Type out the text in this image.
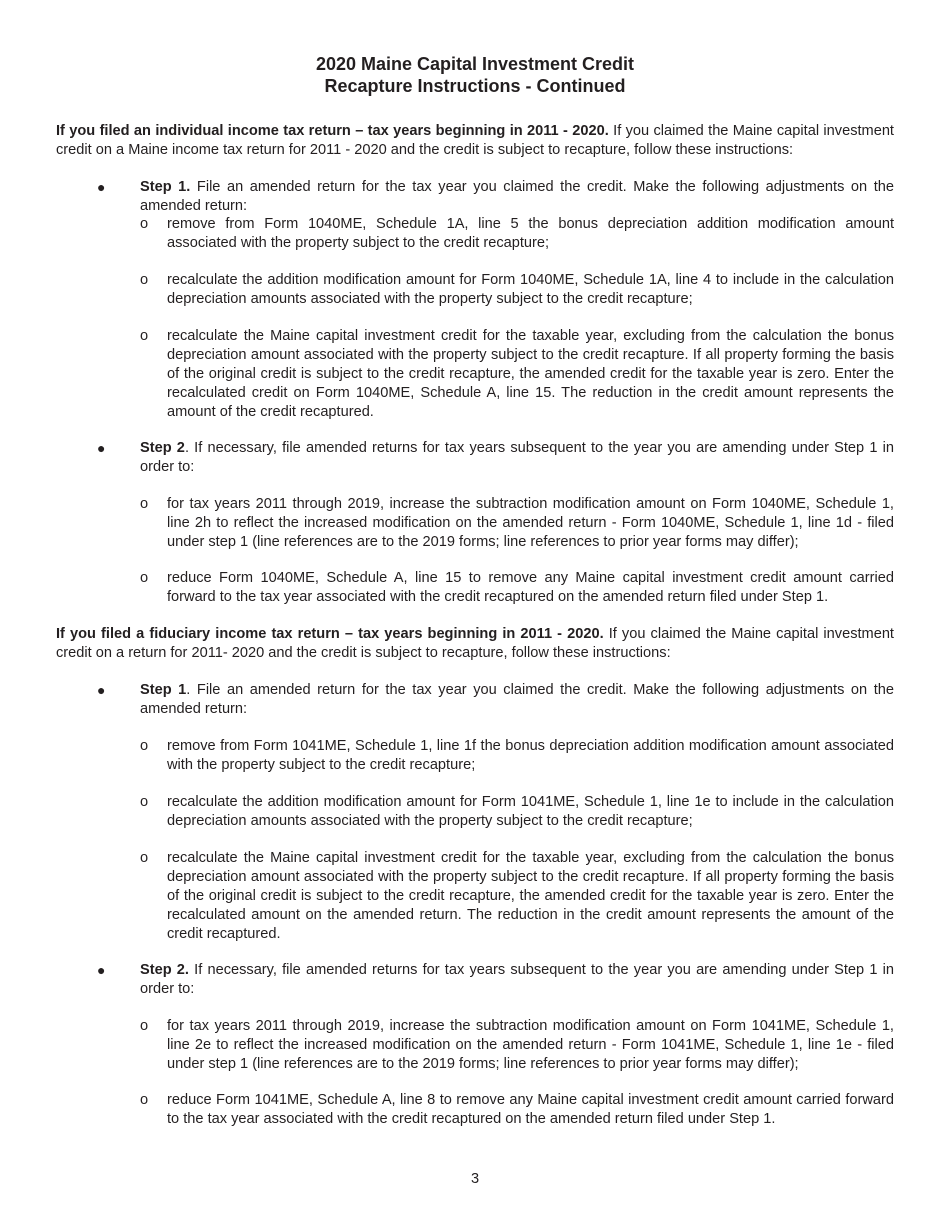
2020 Maine Capital Investment Credit
Recapture Instructions - Continued

If you filed an individual income tax return – tax years beginning in 2011 - 2020. If you claimed the Maine capital investment credit on a Maine income tax return for 2011 - 2020 and the credit is subject to recapture, follow these instructions:

● Step 1. File an amended return for the tax year you claimed the credit. Make the following adjustments on the amended return:

o remove from Form 1040ME, Schedule 1A, line 5 the bonus depreciation addition modification amount associated with the property subject to the credit recapture;

o recalculate the addition modification amount for Form 1040ME, Schedule 1A, line 4 to include in the calculation depreciation amounts associated with the property subject to the credit recapture;

o recalculate the Maine capital investment credit for the taxable year, excluding from the calculation the bonus depreciation amount associated with the property subject to the credit recapture. If all property forming the basis of the original credit is subject to the credit recapture, the amended credit for the taxable year is zero. Enter the recalculated credit on Form 1040ME, Schedule A, line 15. The reduction in the credit amount represents the amount of the credit recaptured.

● Step 2. If necessary, file amended returns for tax years subsequent to the year you are amending under Step 1 in order to:

o for tax years 2011 through 2019, increase the subtraction modification amount on Form 1040ME, Schedule 1, line 2h to reflect the increased modification on the amended return - Form 1040ME, Schedule 1, line 1d - filed under step 1 (line references are to the 2019 forms; line references to prior year forms may differ);

o reduce Form 1040ME, Schedule A, line 15 to remove any Maine capital investment credit amount carried forward to the tax year associated with the credit recaptured on the amended return filed under Step 1.

If you filed a fiduciary income tax return – tax years beginning in 2011 - 2020. If you claimed the Maine capital investment credit on a return for 2011- 2020 and the credit is subject to recapture, follow these instructions:

● Step 1. File an amended return for the tax year you claimed the credit. Make the following adjustments on the amended return:

o remove from Form 1041ME, Schedule 1, line 1f the bonus depreciation addition modification amount associated with the property subject to the credit recapture;

o recalculate the addition modification amount for Form 1041ME, Schedule 1, line 1e to include in the calculation depreciation amounts associated with the property subject to the credit recapture;

o recalculate the Maine capital investment credit for the taxable year, excluding from the calculation the bonus depreciation amount associated with the property subject to the credit recapture. If all property forming the basis of the original credit is subject to the credit recapture, the amended credit for the taxable year is zero. Enter the recalculated amount on the amended return. The reduction in the credit amount represents the amount of the credit recaptured.

● Step 2. If necessary, file amended returns for tax years subsequent to the year you are amending under Step 1 in order to:

o for tax years 2011 through 2019, increase the subtraction modification amount on Form 1041ME, Schedule 1, line 2e to reflect the increased modification on the amended return - Form 1041ME, Schedule 1, line 1e - filed under step 1 (line references are to the 2019 forms; line references to prior year forms may differ);

o reduce Form 1041ME, Schedule A, line 8 to remove any Maine capital investment credit amount carried forward to the tax year associated with the credit recaptured on the amended return filed under Step 1.

3
